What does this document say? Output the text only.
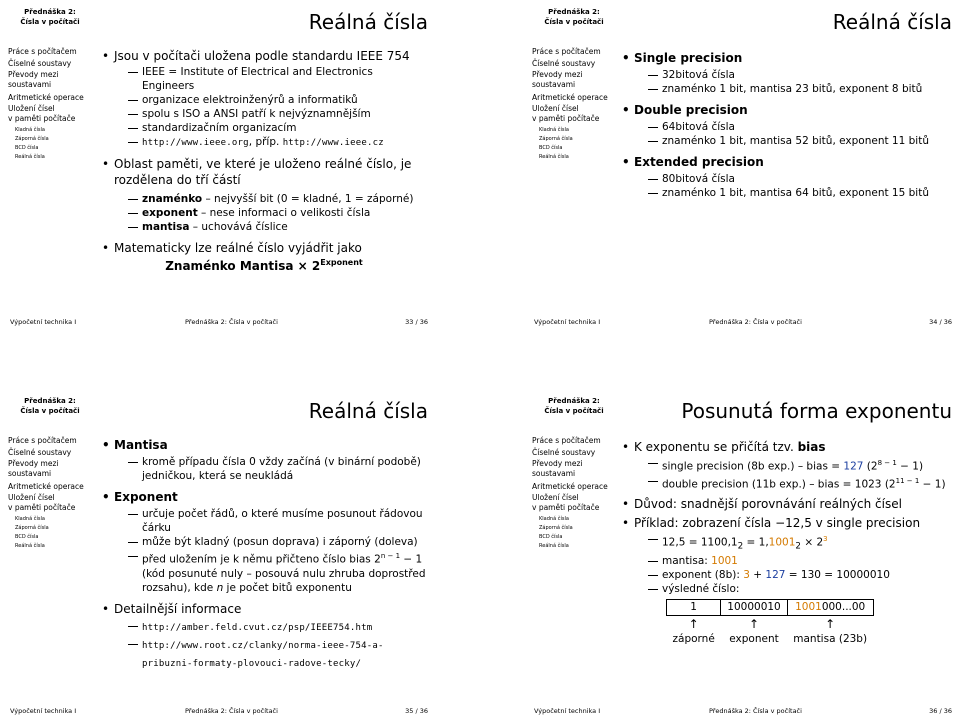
Přednáška 2:
Čísla v počítači	Reálná čísla
Práce s počítačem
Číselné soustavy
Převody mezi
soustavami
Aritmetické operace
Uložení čísel
v paměti počítače
Kladná čísla
Záporná čísla
BCD čísla
Reálná čísla
• Jsou v počítači uložena podle standardu IEEE 754
IEEE = Institute of Electrical and Electronics Engineers
organizace elektroinženýrů a informatiků
spolu s ISO a ANSI patří k nejvýznamnějším
standardizačním organizacím
http://www.ieee.org, příp. http://www.ieee.cz
• Oblast paměti, ve které je uloženo reálné číslo, je
rozdělena do tří částí
znaménko – nejvyšší bit (0 = kladné, 1 = záporné)
exponent – nese informaci o velikosti čísla
mantisa – uchovává číslice
• Matematicky lze reálné číslo vyjádřit jako
Znaménko Mantisa × $2^{Exponent}$
Výpočetní technika I	Přednáška 2: Čísla v počítači	33 / 36
Přednáška 2:
Čísla v počítači	Reálná čísla
Práce s počítačem
Číselné soustavy
Převody mezi
soustavami
Aritmetické operace
Uložení čísel
v paměti počítače
Kladná čísla
Záporná čísla
BCD čísla
Reálná čísla
• Single precision
32bitová čísla
znaménko 1 bit, mantisa 23 bitů, exponent 8 bitů
• Double precision
64bitová čísla
znaménko 1 bit, mantisa 52 bitů, exponent 11 bitů
• Extended precision
80bitová čísla
znaménko 1 bit, mantisa 64 bitů, exponent 15 bitů
Výpočetní technika I	Přednáška 2: Čísla v počítači	34 / 36
Přednáška 2:
Čísla v počítači	Reálná čísla
Práce s počítačem
Číselné soustavy
Převody mezi
soustavami
Aritmetické operace
Uložení čísel
v paměti počítače
Kladná čísla
Záporná čísla
BCD čísla
Reálná čísla
• Mantisa
kromě případu čísla 0 vždy začíná (v binární podobě)
jedničkou, která se neukládá
• Exponent
určuje počet řádů, o které musíme posunout řádovou
čárku
může být kladný (posun doprava) i záporný (doleva)
před uložením je k němu přičteno číslo bias $2^{n - 1} - 1$
(kód posunuté nuly – posouvá nulu zhruba doprostřed
rozsahu), kde n je počet bitů exponentu
• Detailnější informace
http://amber.feld.cvut.cz/psp/IEEE754.htm
http://www.root.cz/clanky/norma-ieee-754-a-
pribuzni-formaty-plovouci-radove-tecky/
Výpočetní technika I	Přednáška 2: Čísla v počítači	35 / 36
Přednáška 2:
Čísla v počítači	Posunutá forma exponentu
Práce s počítačem
Číselné soustavy
Převody mezi
soustavami
Aritmetické operace
Uložení čísel
v paměti počítače
Kladná čísla
Záporná čísla
BCD čísla
Reálná čísla
• K exponentu se přičítá tzv. bias
single precision (8b exp.) – bias = 127 $(2^{8 - 1} - 1)$
double precision (11b exp.) – bias = 1023 $(2^{11 - 1} - 1)$
• Důvod: snadnější porovnávání reálných čísel
• Příklad: zobrazení čísla −12,5 v single precision
$12,5 = 1100,1_2 = 1,1001_2 \times 2^3$
mantisa: 1001
exponent (8b): 3 + 127 = 130 = 10000010
výsledné číslo:
1	10000010	1001000...00
↑	↑	↑
záporné	exponent	mantisa (23b)
Výpočetní technika I	Přednáška 2: Čísla v počítači	36 / 36
